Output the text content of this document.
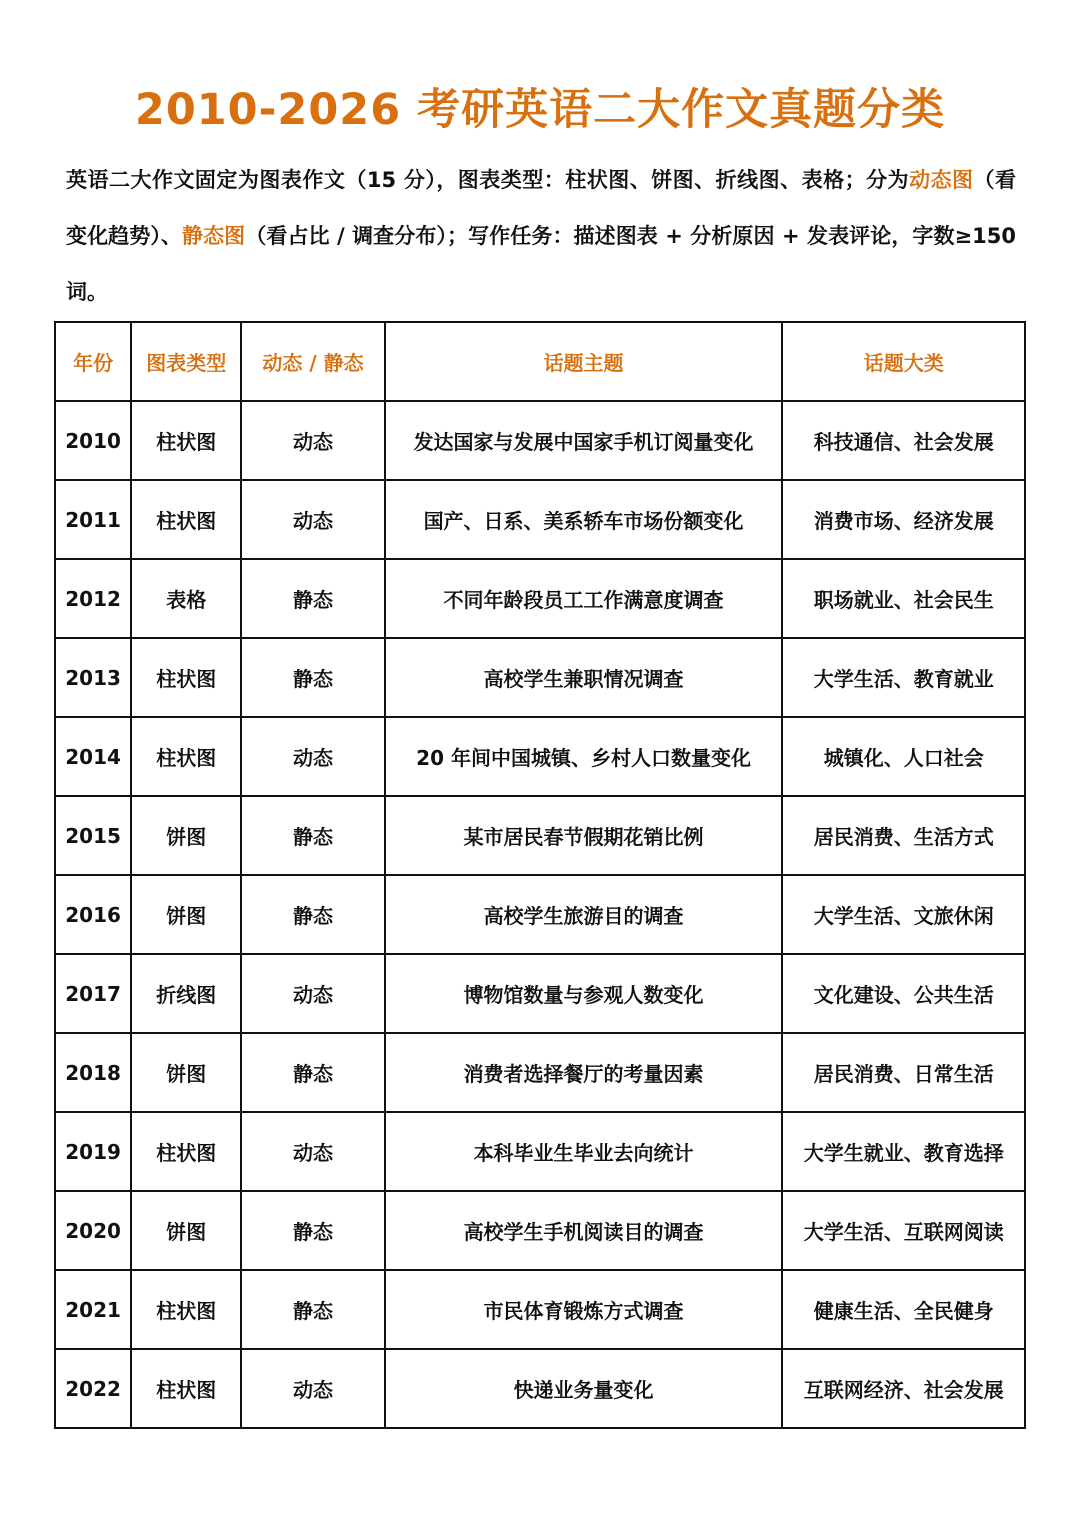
2010-2026 考研英语二大作文真题分类
英语二大作文固定为图表作文（15 分），图表类型：柱状图、饼图、折线图、表格；分为动态图（看变化趋势）、静态图（看占比 / 调查分布）；写作任务：描述图表 + 分析原因 + 发表评论，字数≥150 词。
年份	图表类型	动态 / 静态	话题主题	话题大类
2010	柱状图	动态	发达国家与发展中国家手机订阅量变化	科技通信、社会发展
2011	柱状图	动态	国产、日系、美系轿车市场份额变化	消费市场、经济发展
2012	表格	静态	不同年龄段员工工作满意度调查	职场就业、社会民生
2013	柱状图	静态	高校学生兼职情况调查	大学生活、教育就业
2014	柱状图	动态	20 年间中国城镇、乡村人口数量变化	城镇化、人口社会
2015	饼图	静态	某市居民春节假期花销比例	居民消费、生活方式
2016	饼图	静态	高校学生旅游目的调查	大学生活、文旅休闲
2017	折线图	动态	博物馆数量与参观人数变化	文化建设、公共生活
2018	饼图	静态	消费者选择餐厅的考量因素	居民消费、日常生活
2019	柱状图	动态	本科毕业生毕业去向统计	大学生就业、教育选择
2020	饼图	静态	高校学生手机阅读目的调查	大学生活、互联网阅读
2021	柱状图	静态	市民体育锻炼方式调查	健康生活、全民健身
2022	柱状图	动态	快递业务量变化	互联网经济、社会发展
